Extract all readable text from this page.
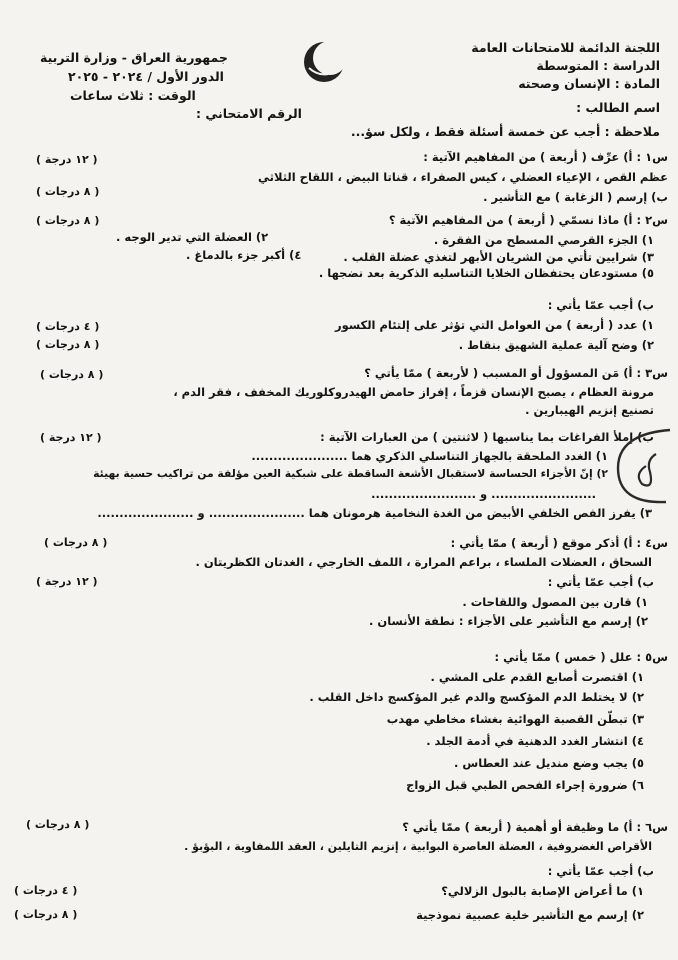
اللجنة الدائمة للامتحانات العامة
الدراسة : المتوسطة
المادة : الإنسان وصحته
جمهورية العراق - وزارة التربية
الدور الأول / ٢٠٢٤ - ٢٠٢٥
الوقت : ثلاث ساعات
اسم الطالب :
الرقم الامتحاني :
ملاحظة : أجب عن خمسة أسئلة فقط ، ولكل سؤ...
س١ : أ) عرِّف ( أربعة ) من المفاهيم الآتية :
( ١٢ درجة )
عظم القص ، الإعياء العضلي ، كيس الصفراء ، قناتا البيض ، اللقاح الثلاثي
ب) إرسم ( الزغابة ) مع التأشير .
( ٨ درجات )
س٢ : أ) ماذا نسمّي ( أربعة ) من المفاهيم الآتية ؟
( ٨ درجات )
١) الجزء القرصي المسطح من الفقرة .
٢) العضلة التي تدير الوجه .
٣) شرايين تأتي من الشريان الأبهر لتغذي عضلة القلب .
٤) أكبر جزء بالدماغ .
٥) مستودعان يحتفظان الخلايا التناسليه الذكرية بعد نضجها .
ب) أجب عمّا يأتي :
١) عدد ( أربعة ) من العوامل التي تؤثر على إلتئام الكسور
( ٤ درجات )
٢) وضح آلية عملية الشهيق بنقاط .
( ٨ درجات )
س٣ : أ) مَن المسؤول أو المسبب ( لأربعة ) ممّا يأتي ؟
( ٨ درجات )
مرونة العظام ، يصبح الإنسان قزماً ، إفراز حامض الهيدروكلوريك المخفف ، فقر الدم ،
تصنيع إنزيم الهيبارين .
ب) إملأ الفراغات بما يناسبها ( لاثنتين ) من العبارات الآتية :
( ١٢ درجة )
١) الغدد الملحقة بالجهاز التناسلي الذكري هما ......................
٢) إنّ الأجزاء الحساسة لاستقبال الأشعة الساقطة على شبكية العين مؤلفة من تراكيب حسية بهيئة
........................ و ........................
٣) يفرز الفص الخلفي الأبيض من الغدة النخامية هرمونان هما ...................... و ......................
س٤ : أ) أذكر موقع ( أربعة ) ممّا يأتي :
( ٨ درجات )
السحاق ، العضلات الملساء ، براعم المرارة ، اللمف الخارجي ، الغدتان الكظريتان .
ب) أجب عمّا يأتي :
( ١٢ درجة )
١) قارن بين المصول واللقاحات .
٢) إرسم مع التأشير على الأجزاء : نطفة الأنسان .
س٥ : علل ( خمس ) ممّا يأتي :
١) اقتصرت أصابع القدم على المشي .
٢) لا يختلط الدم المؤكسج والدم غير المؤكسج داخل القلب .
٣) تبطّن القصبة الهوائية بغشاء مخاطي مهدب
٤) انتشار الغدد الدهنية في أدمة الجلد .
٥) يجب وضع منديل عند العطاس .
٦) ضرورة إجراء الفحص الطبي قبل الزواج
س٦ : أ) ما وظيفة أو أهمية ( أربعة ) ممّا يأتي ؟
( ٨ درجات )
الأقراص الغضروفية ، العضلة العاصرة البوابية ، إنزيم التايلين ، العقد اللمفاوية ، البؤبؤ .
ب) أجب عمّا يأتي :
١) ما أعراض الإصابة بالبول الزلالي؟
( ٤ درجات )
٢) إرسم مع التأشير خلية عصبية نموذجية
( ٨ درجات )
